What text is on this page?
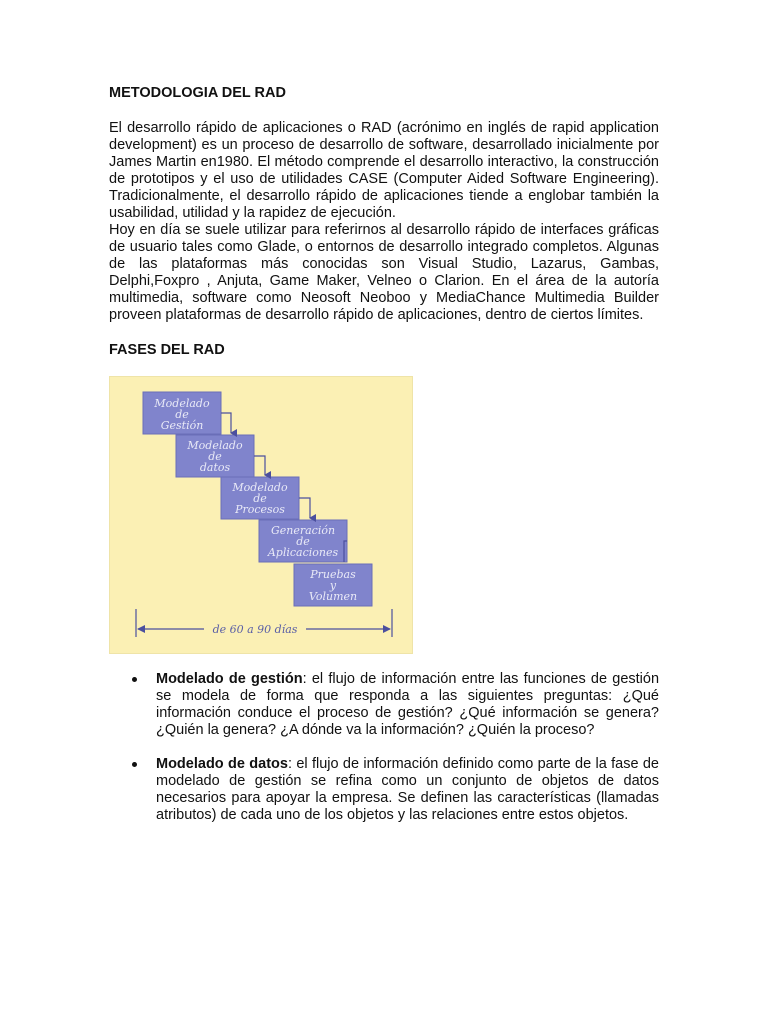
METODOLOGIA DEL RAD

El desarrollo rápido de aplicaciones o RAD (acrónimo en inglés de rapid application development) es un proceso de desarrollo de software, desarrollado inicialmente por James Martin en1980. El método comprende el desarrollo interactivo, la construcción de prototipos y el uso de utilidades CASE (Computer Aided Software Engineering). Tradicionalmente, el desarrollo rápido de aplicaciones tiende a englobar también la usabilidad, utilidad y la rapidez de ejecución.

Hoy en día se suele utilizar para referirnos al desarrollo rápido de interfaces gráficas de usuario tales como Glade, o entornos de desarrollo integrado completos. Algunas de las plataformas más conocidas son Visual Studio, Lazarus, Gambas, Delphi,Foxpro , Anjuta, Game Maker, Velneo o Clarion. En el área de la autoría multimedia, software como Neosoft Neoboo y MediaChance Multimedia Builder proveen plataformas de desarrollo rápido de aplicaciones, dentro de ciertos límites.

FASES DEL RAD
Modelado
de
Gestión
Modelado
de
datos
Modelado
de
Procesos
Generación
de
Aplicaciones
Pruebas
y
Volumen
de 60 a 90 días
Modelado de gestión: el flujo de información entre las funciones de gestión se modela de forma que responda a las siguientes preguntas: ¿Qué información conduce el proceso de gestión? ¿Qué información se genera? ¿Quién la genera? ¿A dónde va la información? ¿Quién la proceso?
Modelado de datos: el flujo de información definido como parte de la fase de modelado de gestión se refina como un conjunto de objetos de datos necesarios para apoyar la empresa. Se definen las características (llamadas atributos) de cada uno de los objetos y las relaciones entre estos objetos.
